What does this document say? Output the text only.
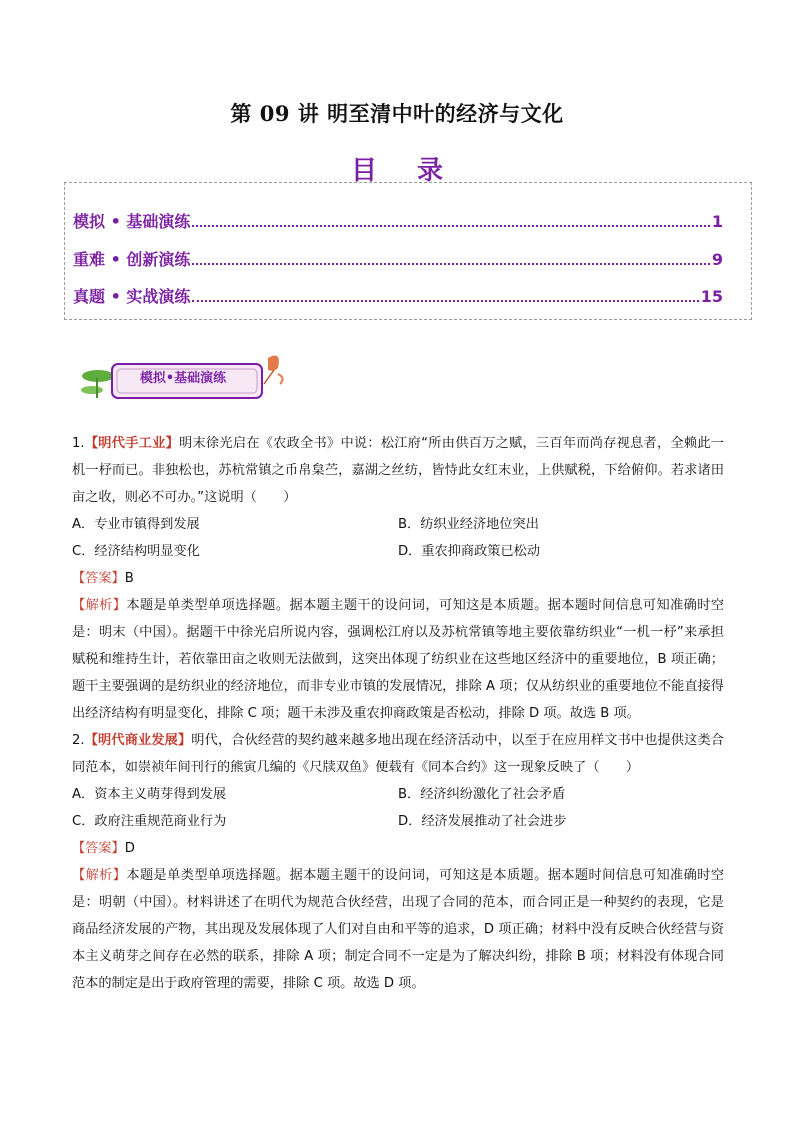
第 09 讲 明至清中叶的经济与文化
目录
模拟 • 基础演练	1
重难 • 创新演练	9
真题 • 实战演练	15
模拟•基础演练

1.【明代手工业】明末徐光启在《农政全书》中说：松江府“所由供百万之赋，三百年而尚存视息者，全赖此一机一杼而已。非独松也，苏杭常镇之币帛枲苎，嘉湖之丝纺，皆恃此女红末业，上供赋税，下给俯仰。若求诸田亩之收，则必不可办。”这说明（　　）

A．专业市镇得到发展	B．纺织业经济地位突出
C．经济结构明显变化	D．重农抑商政策已松动

【答案】B

【解析】本题是单类型单项选择题。据本题主题干的设问词，可知这是本质题。据本题时间信息可知准确时空是：明末（中国）。据题干中徐光启所说内容，强调松江府以及苏杭常镇等地主要依靠纺织业“一机一杼”来承担赋税和维持生计，若依靠田亩之收则无法做到，这突出体现了纺织业在这些地区经济中的重要地位，B 项正确；题干主要强调的是纺织业的经济地位，而非专业市镇的发展情况，排除 A 项；仅从纺织业的重要地位不能直接得出经济结构有明显变化，排除 C 项；题干未涉及重农抑商政策是否松动，排除 D 项。故选 B 项。

2.【明代商业发展】明代，合伙经营的契约越来越多地出现在经济活动中，以至于在应用样文书中也提供这类合同范本，如崇祯年间刊行的熊寅几编的《尺牍双鱼》便载有《同本合约》这一现象反映了（　　）

A．资本主义萌芽得到发展	B．经济纠纷激化了社会矛盾
C．政府注重规范商业行为	D．经济发展推动了社会进步

【答案】D

【解析】本题是单类型单项选择题。据本题主题干的设问词，可知这是本质题。据本题时间信息可知准确时空是：明朝（中国）。材料讲述了在明代为规范合伙经营，出现了合同的范本，而合同正是一种契约的表现，它是商品经济发展的产物，其出现及发展体现了人们对自由和平等的追求，D 项正确；材料中没有反映合伙经营与资本主义萌芽之间存在必然的联系，排除 A 项；制定合同不一定是为了解决纠纷，排除 B 项；材料没有体现合同范本的制定是出于政府管理的需要，排除 C 项。故选 D 项。
